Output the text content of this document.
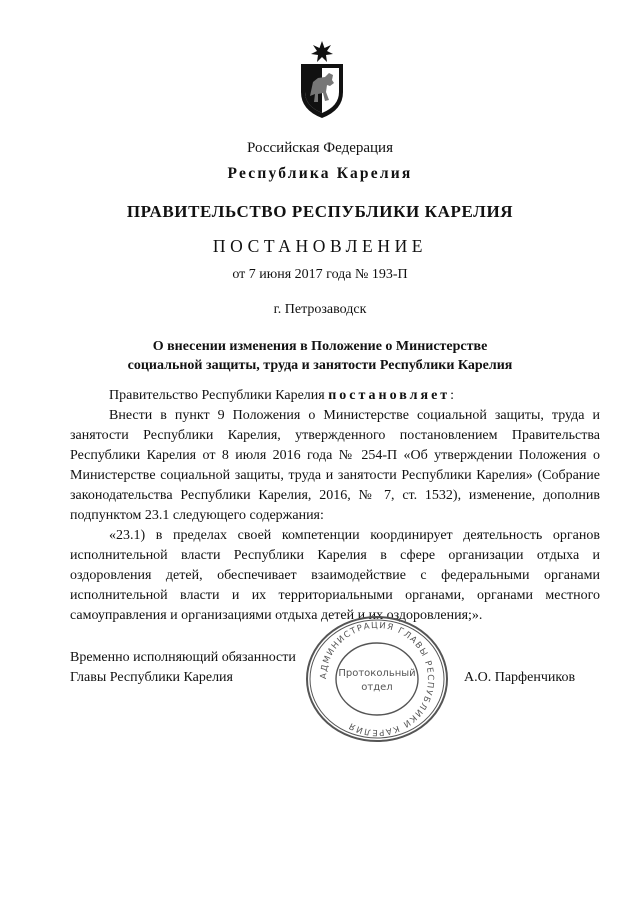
Российская Федерация
Республика Карелия
ПРАВИТЕЛЬСТВО РЕСПУБЛИКИ КАРЕЛИЯ
ПОСТАНОВЛЕНИЕ
от 7 июня 2017 года № 193-П
г. Петрозаводск
О внесении изменения в Положение о Министерстве
социальной защиты, труда и занятости Республики Карелия

Правительство Республики Карелия постановляет:

Внести в пункт 9 Положения о Министерстве социальной защиты, труда и занятости Республики Карелия, утвержденного постановлением Правительства Республики Карелия от 8 июля 2016 года № 254-П «Об утверждении Положения о Министерстве социальной защиты, труда и занятости Республики Карелия» (Собрание законодательства Республики Карелия, 2016, № 7, ст. 1532), изменение, дополнив подпунктом 23.1 следующего содержания:

«23.1) в пределах своей компетенции координирует деятельность органов исполнительной власти Республики Карелия в сфере организации отдыха и оздоровления детей, обеспечивает взаимодействие с федеральными органами исполнительной власти и их территориальными органами, органами местного самоуправления и организациями отдыха детей и их оздоровления;».

Временно исполняющий обязанности
Главы Республики Карелия	А.О. Парфенчиков
АДМИНИСТРАЦИЯ ГЛАВЫ РЕСПУБЛИКИ КАРЕЛИЯ
Протокольный
отдел
